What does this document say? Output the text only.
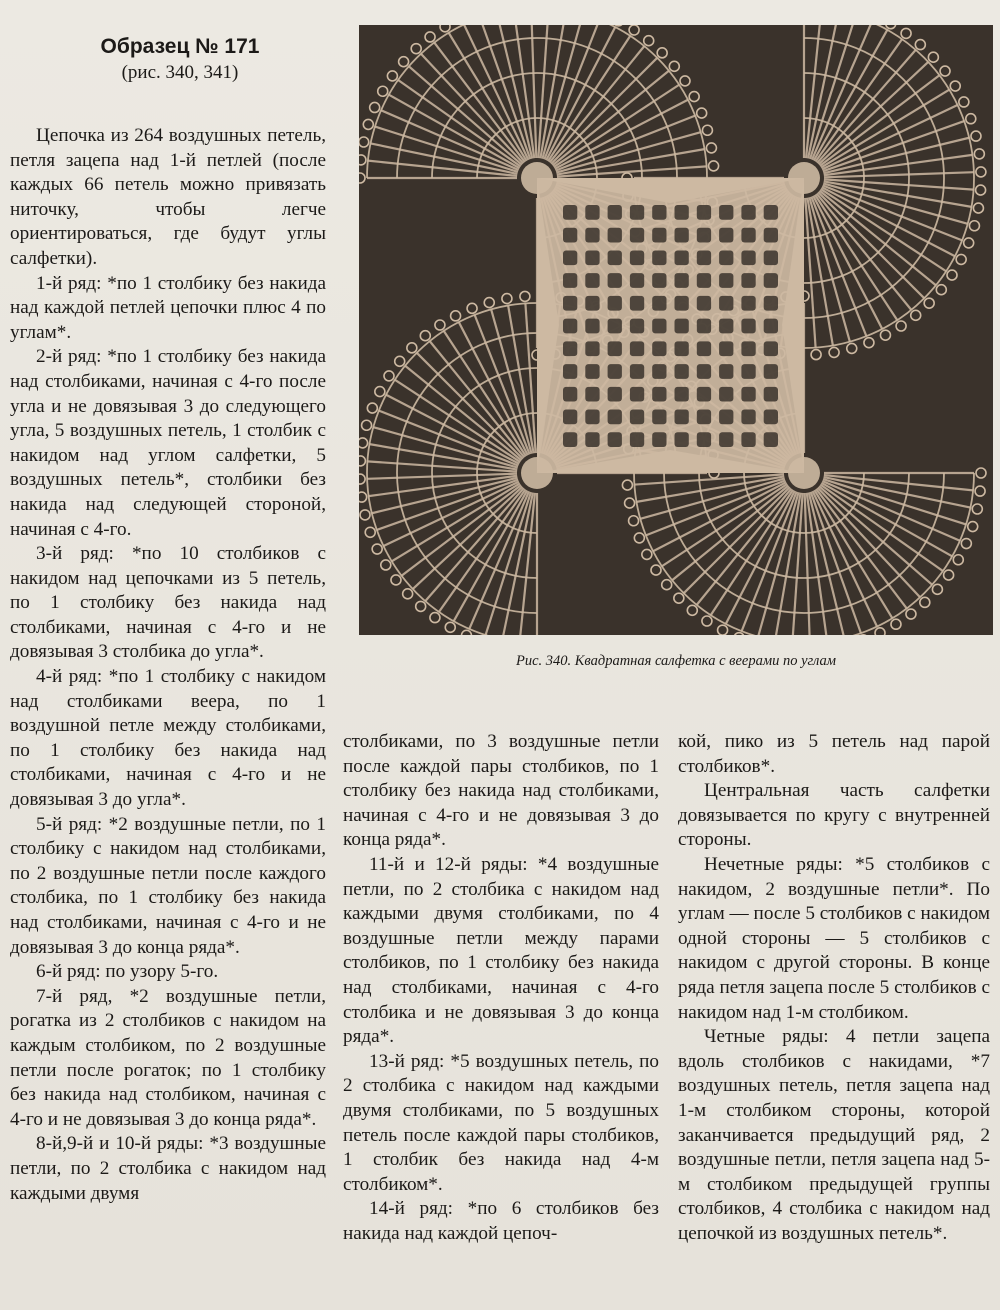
Образец № 171
(рис. 340, 341)

Цепочка из 264 воздушных петель, петля зацепа над 1-й петлей (после каждых 66 петель можно привязать ниточку, чтобы легче ориентироваться, где будут углы салфетки).

1-й ряд: *по 1 столбику без накида над каждой петлей цепочки плюс 4 по углам*.

2-й ряд: *по 1 столбику без накида над столбиками, начиная с 4-го после угла и не довязывая 3 до следующего угла, 5 воздушных петель, 1 столбик с накидом над углом салфетки, 5 воздушных петель*, столбики без накида над следующей стороной, начиная с 4-го.

3-й ряд: *по 10 столбиков с накидом над цепочками из 5 петель, по 1 столбику без накида над столбиками, начиная с 4-го и не довязывая 3 столбика до угла*.

4-й ряд: *по 1 столбику с накидом над столбиками веера, по 1 воздушной петле между столбиками, по 1 столбику без накида над столбиками, начиная с 4-го и не довязывая 3 до угла*.

5-й ряд: *2 воздушные петли, по 1 столбику с накидом над столбиками, по 2 воздушные петли после каждого столбика, по 1 столбику без накида над столбиками, начиная с 4-го и не довязывая 3 до конца ряда*.

6-й ряд: по узору 5-го.

7-й ряд, *2 воздушные петли, рогатка из 2 столбиков с накидом на каждым столбиком, по 2 воздушные петли после рогаток; по 1 столбику без накида над столбиком, начиная с 4-го и не довязывая 3 до конца ряда*.

8-й,9-й и 10-й ряды: *3 воздушные петли, по 2 столбика с накидом над каждыми двумя

Рис. 340. Квадратная салфетка с веерами по углам

столбиками, по 3 воздушные петли после каждой пары столбиков, по 1 столбику без накида над столбиками, начиная с 4-го и не довязывая 3 до конца ряда*.

11-й и 12-й ряды: *4 воздушные петли, по 2 столбика с накидом над каждыми двумя столбиками, по 4 воздушные петли между парами столбиков, по 1 столбику без накида над столбиками, начиная с 4-го столбика и не довязывая 3 до конца ряда*.

13-й ряд: *5 воздушных петель, по 2 столбика с накидом над каждыми двумя столбиками, по 5 воздушных петель после каждой пары столбиков, 1 столбик без накида над 4-м столбиком*.

14-й ряд: *по 6 столбиков без накида над каждой цепоч-

кой, пико из 5 петель над парой столбиков*.

Центральная часть салфетки довязывается по кругу с внутренней стороны.

Нечетные ряды: *5 столбиков с накидом, 2 воздушные петли*. По углам — после 5 столбиков с накидом одной стороны — 5 столбиков с накидом с другой стороны. В конце ряда петля зацепа после 5 столбиков с накидом над 1-м столбиком.

Четные ряды: 4 петли зацепа вдоль столбиков с накидами, *7 воздушных петель, петля зацепа над 1-м столбиком стороны, которой заканчивается предыдущий ряд, 2 воздушные петли, петля зацепа над 5-м столбиком предыдущей группы столбиков, 4 столбика с накидом над цепочкой из воздушных петель*.
